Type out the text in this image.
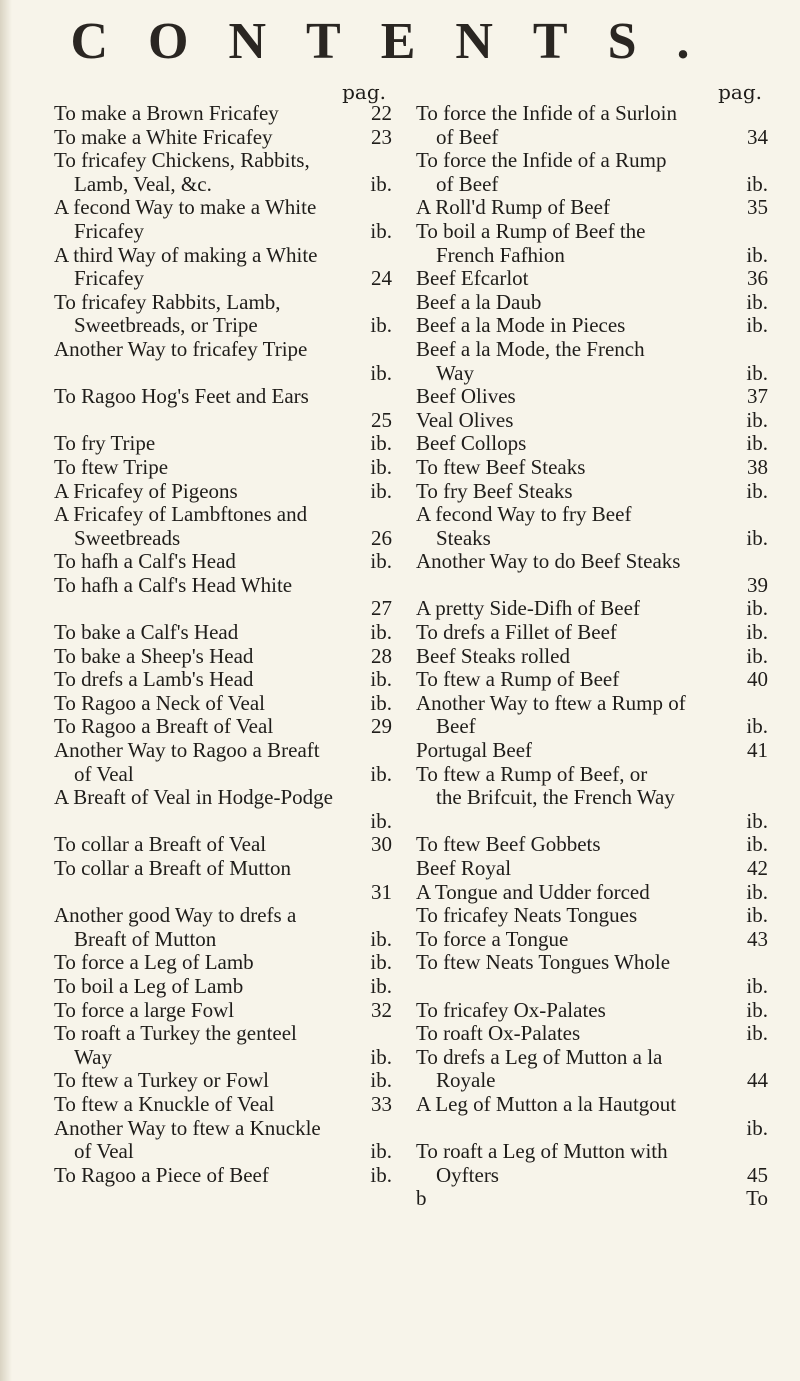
CONTENTS.
pag.
To make a Brown Fricafey	22
To make a White Fricafey	23
To fricafey Chickens, Rabbits,
Lamb, Veal, &c.	ib.
A fecond Way to make a White
Fricafey	ib.
A third Way of making a White
Fricafey	24
To fricafey Rabbits, Lamb,
Sweetbreads, or Tripe	ib.
Another Way to fricafey Tripe
ib.
To Ragoo Hog's Feet and Ears
25
To fry Tripe	ib.
To ftew Tripe	ib.
A Fricafey of Pigeons	ib.
A Fricafey of Lambftones and
Sweetbreads	26
To hafh a Calf's Head	ib.
To hafh a Calf's Head White
27
To bake a Calf's Head	ib.
To bake a Sheep's Head	28
To drefs a Lamb's Head	ib.
To Ragoo a Neck of Veal	ib.
To Ragoo a Breaft of Veal	29
Another Way to Ragoo a Breaft
of Veal	ib.
A Breaft of Veal in Hodge-Podge
ib.
To collar a Breaft of Veal	30
To collar a Breaft of Mutton
31
Another good Way to drefs a
Breaft of Mutton	ib.
To force a Leg of Lamb	ib.
To boil a Leg of Lamb	ib.
To force a large Fowl	32
To roaft a Turkey the genteel
Way	ib.
To ftew a Turkey or Fowl	ib.
To ftew a Knuckle of Veal	33
Another Way to ftew a Knuckle
of Veal	ib.
To Ragoo a Piece of Beef	ib.
pag.
To force the Infide of a Surloin
of Beef	34
To force the Infide of a Rump
of Beef	ib.
A Roll'd Rump of Beef	35
To boil a Rump of Beef the
French Fafhion	ib.
Beef Efcarlot	36
Beef a la Daub	ib.
Beef a la Mode in Pieces	ib.
Beef a la Mode, the French
Way	ib.
Beef Olives	37
Veal Olives	ib.
Beef Collops	ib.
To ftew Beef Steaks	38
To fry Beef Steaks	ib.
A fecond Way to fry Beef
Steaks	ib.
Another Way to do Beef Steaks
39
A pretty Side-Difh of Beef	ib.
To drefs a Fillet of Beef	ib.
Beef Steaks rolled	ib.
To ftew a Rump of Beef	40
Another Way to ftew a Rump of
Beef	ib.
Portugal Beef	41
To ftew a Rump of Beef, or
the Brifcuit, the French Way
ib.
To ftew Beef Gobbets	ib.
Beef Royal	42
A Tongue and Udder forced	ib.
To fricafey Neats Tongues	ib.
To force a Tongue	43
To ftew Neats Tongues Whole
ib.
To fricafey Ox-Palates	ib.
To roaft Ox-Palates	ib.
To drefs a Leg of Mutton a la
Royale	44
A Leg of Mutton a la Hautgout
ib.
To roaft a Leg of Mutton with
Oyfters	45
b	To
